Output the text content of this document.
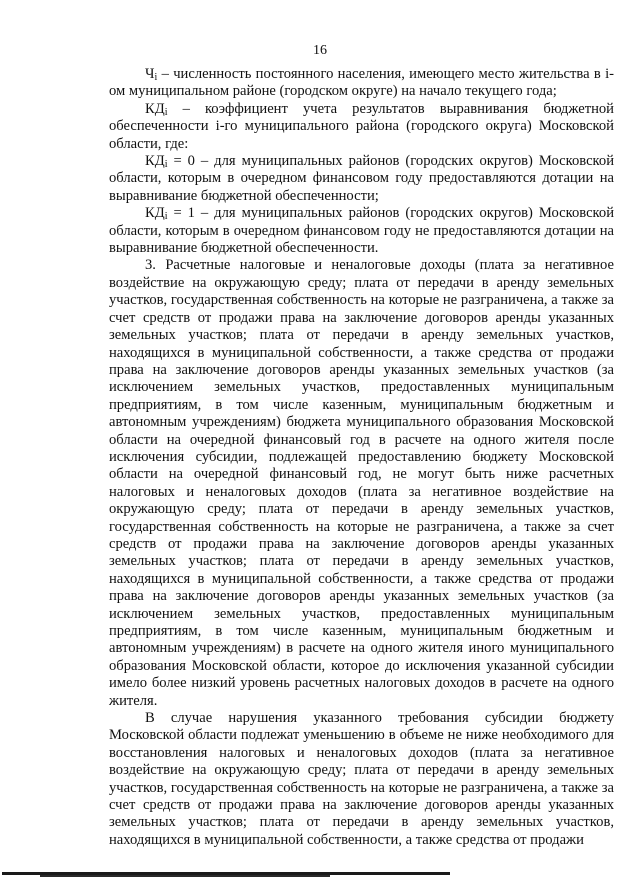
16

$Ч_i$ – численность постоянного населения, имеющего место жительства в i-ом муниципальном районе (городском округе) на начало текущего года;

$КД_i$ – коэффициент учета результатов выравнивания бюджетной обеспеченности i-го муниципального района (городского округа) Московской области, где:

$КД_i = 0$ – для муниципальных районов (городских округов) Московской области, которым в очередном финансовом году предоставляются дотации на выравнивание бюджетной обеспеченности;

$КД_i = 1$ – для муниципальных районов (городских округов) Московской области, которым в очередном финансовом году не предоставляются дотации на выравнивание бюджетной обеспеченности.

3. Расчетные налоговые и неналоговые доходы (плата за негативное воздействие на окружающую среду; плата от передачи в аренду земельных участков, государственная собственность на которые не разграничена, а также за счет средств от продажи права на заключение договоров аренды указанных земельных участков; плата от передачи в аренду земельных участков, находящихся в муниципальной собственности, а также средства от продажи права на заключение договоров аренды указанных земельных участков (за исключением земельных участков, предоставленных муниципальным предприятиям, в том числе казенным, муниципальным бюджетным и автономным учреждениям) бюджета муниципального образования Московской области на очередной финансовый год в расчете на одного жителя после исключения субсидии, подлежащей предоставлению бюджету Московской области на очередной финансовый год, не могут быть ниже расчетных налоговых и неналоговых доходов (плата за негативное воздействие на окружающую среду; плата от передачи в аренду земельных участков, государственная собственность на которые не разграничена, а также за счет средств от продажи права на заключение договоров аренды указанных земельных участков; плата от передачи в аренду земельных участков, находящихся в муниципальной собственности, а также средства от продажи права на заключение договоров аренды указанных земельных участков (за исключением земельных участков, предоставленных муниципальным предприятиям, в том числе казенным, муниципальным бюджетным и автономным учреждениям) в расчете на одного жителя иного муниципального образования Московской области, которое до исключения указанной субсидии имело более низкий уровень расчетных налоговых доходов в расчете на одного жителя.

В случае нарушения указанного требования субсидии бюджету Московской области подлежат уменьшению в объеме не ниже необходимого для восстановления налоговых и неналоговых доходов (плата за негативное воздействие на окружающую среду; плата от передачи в аренду земельных участков, государственная собственность на которые не разграничена, а также за счет средств от продажи права на заключение договоров аренды указанных земельных участков; плата от передачи в аренду земельных участков, находящихся в муниципальной собственности, а также средства от продажи
